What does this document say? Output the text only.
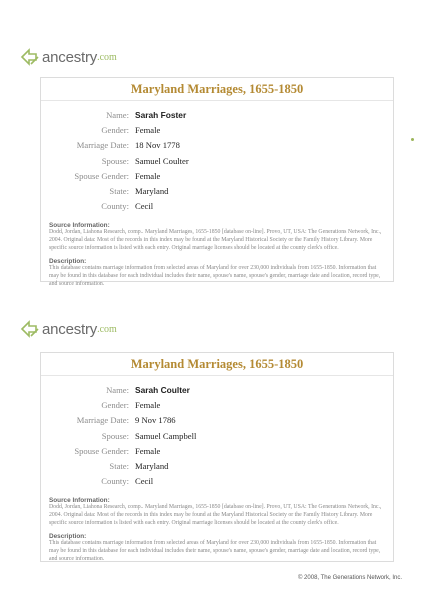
ancestry .com
Maryland Marriages, 1655-1850
Name: Sarah Foster
Gender: Female
Marriage Date: 18 Nov 1778
Spouse: Samuel Coulter
Spouse Gender: Female
State: Maryland
County: Cecil
Source Information:

Dodd, Jordan, Liahona Research, comp.. Maryland Marriages, 1655-1850 [database on-line]. Provo, UT, USA: The Generations Network, Inc., 2004. Original data: Most of the records in this index may be found at the Maryland Historical Society or the Family History Library. More specific source information is listed with each entry. Original marriage licenses should be located at the county clerk's office.

Description:

This database contains marriage information from selected areas of Maryland for over 230,000 individuals from 1655-1850. Information that may be found in this database for each individual includes their name, spouse's name, spouse's gender, marriage date and location, record type, and source information.

ancestry .com
Maryland Marriages, 1655-1850
Name: Sarah Coulter
Gender: Female
Marriage Date: 9 Nov 1786
Spouse: Samuel Campbell
Spouse Gender: Female
State: Maryland
County: Cecil
Source Information:

Dodd, Jordan, Liahona Research, comp.. Maryland Marriages, 1655-1850 [database on-line]. Provo, UT, USA: The Generations Network, Inc., 2004. Original data: Most of the records in this index may be found at the Maryland Historical Society or the Family History Library. More specific source information is listed with each entry. Original marriage licenses should be located at the county clerk's office.

Description:

This database contains marriage information from selected areas of Maryland for over 230,000 individuals from 1655-1850. Information that may be found in this database for each individual includes their name, spouse's name, spouse's gender, marriage date and location, record type, and source information.

© 2008, The Generations Network, Inc.
